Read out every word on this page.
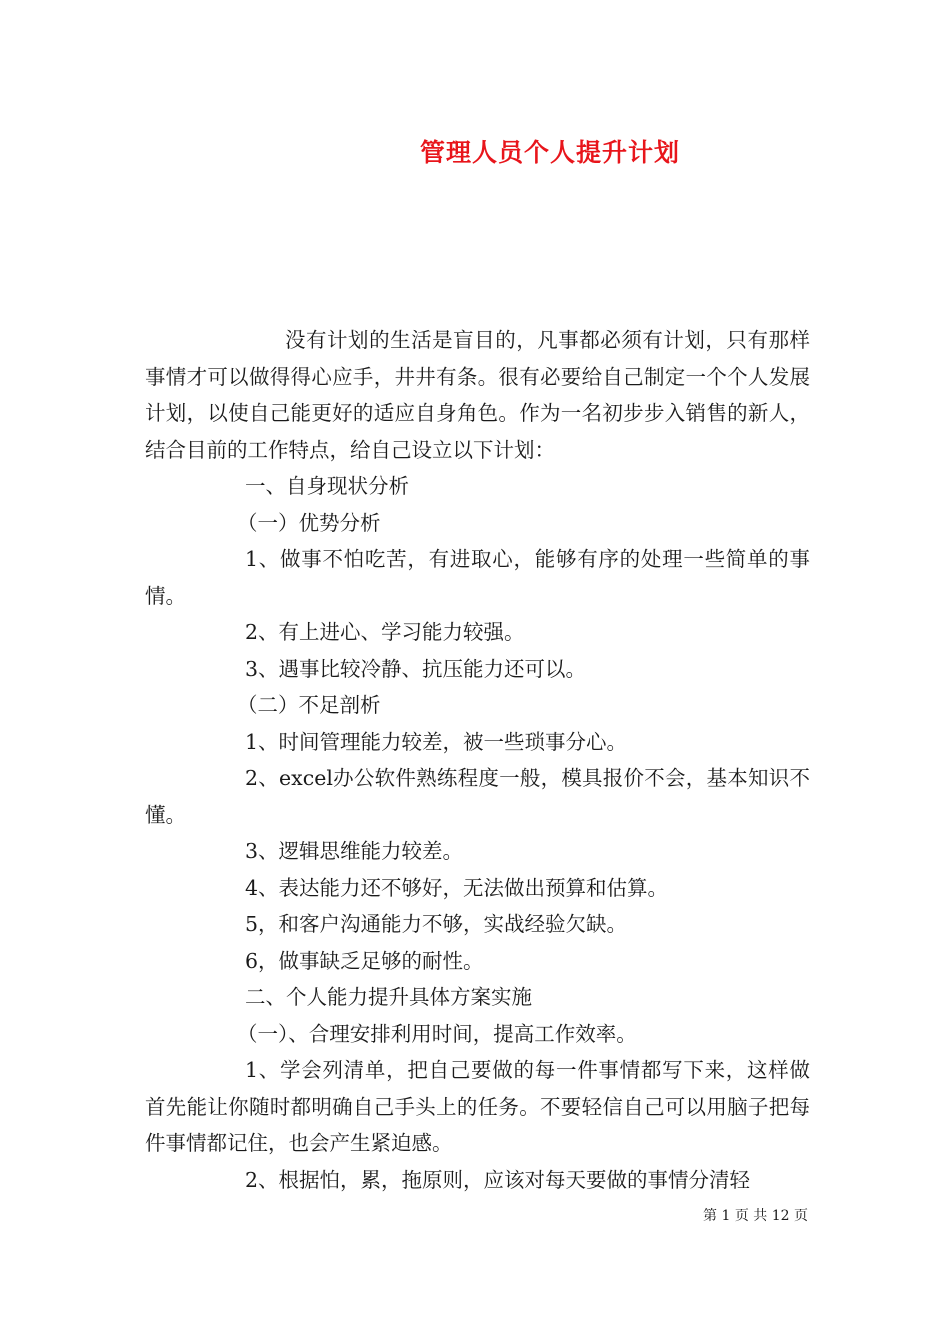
管理人员个人提升计划

没有计划的生活是盲目的，凡事都必须有计划，只有那样事情才可以做得得心应手，井井有条。很有必要给自己制定一个个人发展计划，以使自己能更好的适应自身角色。作为一名初步步入销售的新人，结合目前的工作特点，给自己设立以下计划：

一、自身现状分析

（一）优势分析

1、做事不怕吃苦，有进取心，能够有序的处理一些简单的事情。

2、有上进心、学习能力较强。

3、遇事比较冷静、抗压能力还可以。

（二）不足剖析

1、时间管理能力较差，被一些琐事分心。

2、excel办公软件熟练程度一般，模具报价不会，基本知识不懂。

3、逻辑思维能力较差。

4、表达能力还不够好，无法做出预算和估算。

5，和客户沟通能力不够，实战经验欠缺。

6，做事缺乏足够的耐性。

二、个人能力提升具体方案实施

（一）、合理安排利用时间，提高工作效率。

1、学会列清单，把自己要做的每一件事情都写下来，这样做首先能让你随时都明确自己手头上的任务。不要轻信自己可以用脑子把每件事情都记住，也会产生紧迫感。

2、根据怕，累，拖原则，应该对每天要做的事情分清轻

第 1 页 共 12 页
